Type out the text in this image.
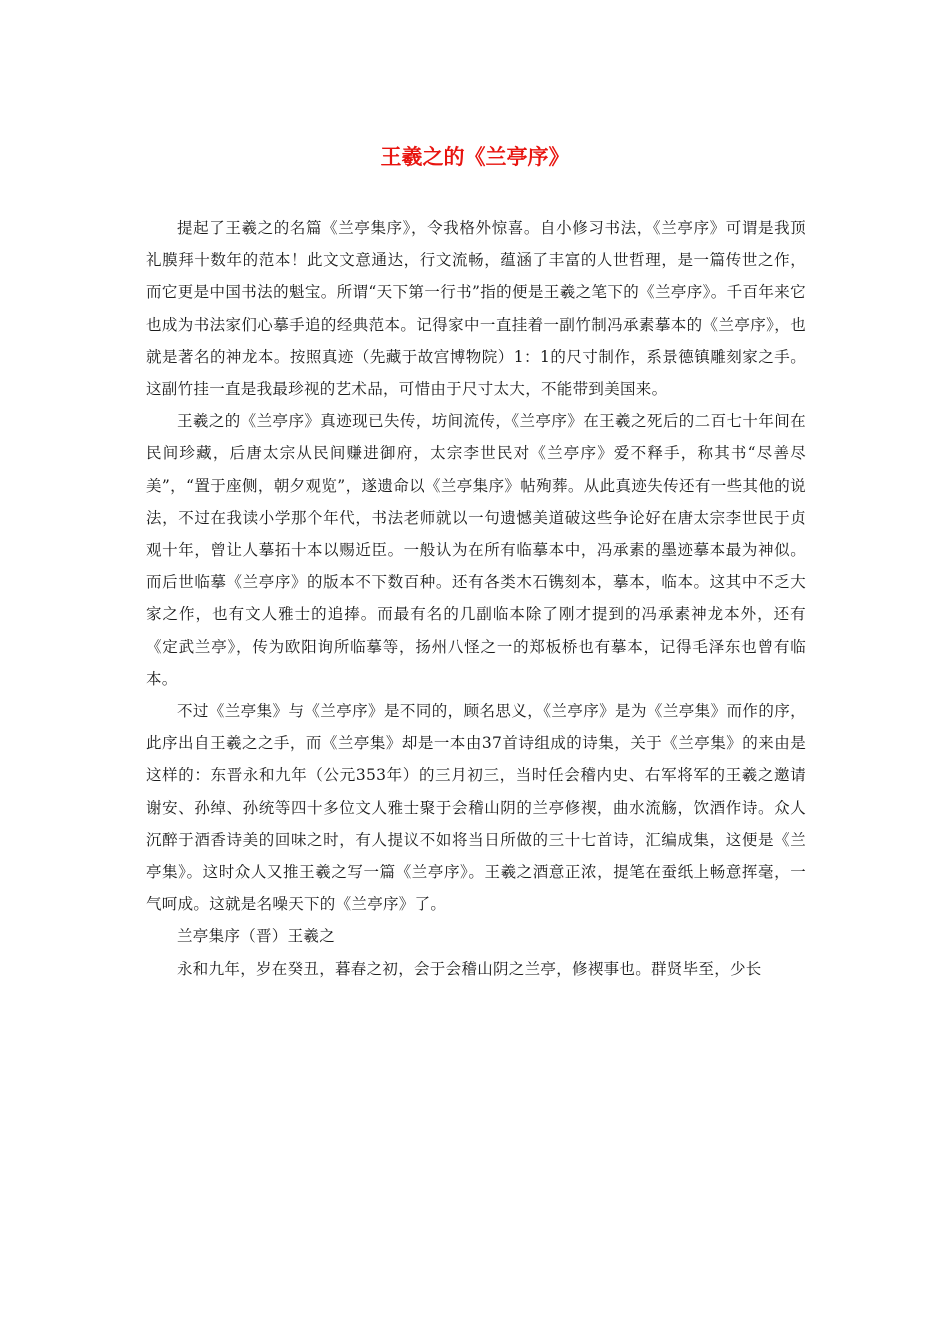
王羲之的《兰亭序》

提起了王羲之的名篇《兰亭集序》，令我格外惊喜。自小修习书法，《兰亭序》可谓是我顶礼膜拜十数年的范本！此文文意通达，行文流畅，蕴涵了丰富的人世哲理，是一篇传世之作，而它更是中国书法的魁宝。所谓“天下第一行书”指的便是王羲之笔下的《兰亭序》。千百年来它也成为书法家们心摹手追的经典范本。记得家中一直挂着一副竹制冯承素摹本的《兰亭序》，也就是著名的神龙本。按照真迹（先藏于故宫博物院）1：1的尺寸制作，系景德镇雕刻家之手。这副竹挂一直是我最珍视的艺术品，可惜由于尺寸太大，不能带到美国来。

王羲之的《兰亭序》真迹现已失传，坊间流传，《兰亭序》在王羲之死后的二百七十年间在民间珍藏，后唐太宗从民间赚进御府，太宗李世民对《兰亭序》爱不释手，称其书“尽善尽美”，“置于座侧，朝夕观览”，遂遗命以《兰亭集序》帖殉葬。从此真迹失传还有一些其他的说法，不过在我读小学那个年代，书法老师就以一句遗憾美道破这些争论好在唐太宗李世民于贞观十年，曾让人摹拓十本以赐近臣。一般认为在所有临摹本中，冯承素的墨迹摹本最为神似。而后世临摹《兰亭序》的版本不下数百种。还有各类木石镌刻本，摹本，临本。这其中不乏大家之作，也有文人雅士的追捧。而最有名的几副临本除了刚才提到的冯承素神龙本外，还有《定武兰亭》，传为欧阳询所临摹等，扬州八怪之一的郑板桥也有摹本，记得毛泽东也曾有临本。

不过《兰亭集》与《兰亭序》是不同的，顾名思义，《兰亭序》是为《兰亭集》而作的序，此序出自王羲之之手，而《兰亭集》却是一本由37首诗组成的诗集，关于《兰亭集》的来由是这样的：东晋永和九年（公元353年）的三月初三，当时任会稽内史、右军将军的王羲之邀请谢安、孙绰、孙统等四十多位文人雅士聚于会稽山阴的兰亭修禊，曲水流觞，饮酒作诗。众人沉醉于酒香诗美的回味之时，有人提议不如将当日所做的三十七首诗，汇编成集，这便是《兰亭集》。这时众人又推王羲之写一篇《兰亭序》。王羲之酒意正浓，提笔在蚕纸上畅意挥毫，一气呵成。这就是名噪天下的《兰亭序》了。

兰亭集序（晋）王羲之

永和九年，岁在癸丑，暮春之初，会于会稽山阴之兰亭，修禊事也。群贤毕至，少长
